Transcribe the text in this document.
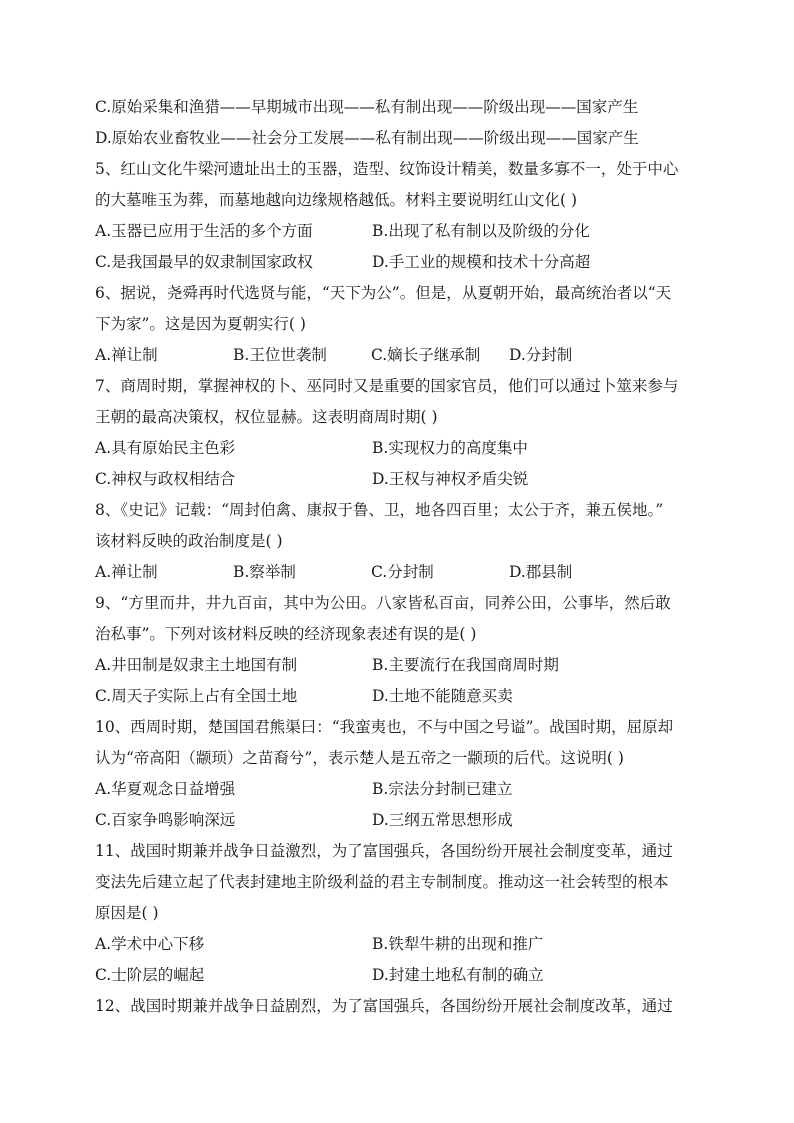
C.原始采集和渔猎——早期城市出现——私有制出现——阶级出现——国家产生
D.原始农业畜牧业——社会分工发展——私有制出现——阶级出现——国家产生
5、红山文化牛梁河遗址出土的玉器，造型、纹饰设计精美，数量多寡不一，处于中心
的大墓唯玉为葬，而墓地越向边缘规格越低。材料主要说明红山文化( )
A.玉器已应用于生活的多个方面	B.出现了私有制以及阶级的分化
C.是我国最早的奴隶制国家政权	D.手工业的规模和技术十分高超
6、据说，尧舜再时代选贤与能，“天下为公”。但是，从夏朝开始，最高统治者以“天
下为家”。这是因为夏朝实行( )
A.禅让制	B.王位世袭制	C.嫡长子继承制	D.分封制
7、商周时期，掌握神权的卜、巫同时又是重要的国家官员，他们可以通过卜筮来参与
王朝的最高决策权，权位显赫。这表明商周时期( )
A.具有原始民主色彩	B.实现权力的高度集中
C.神权与政权相结合	D.王权与神权矛盾尖锐
8、《史记》记载：“周封伯禽、康叔于鲁、卫，地各四百里；太公于齐，兼五侯地。”
该材料反映的政治制度是( )
A.禅让制	B.察举制	C.分封制	D.郡县制
9、“方里而井，井九百亩，其中为公田。八家皆私百亩，同养公田，公事毕，然后敢
治私事”。下列对该材料反映的经济现象表述有误的是( )
A.井田制是奴隶主土地国有制	B.主要流行在我国商周时期
C.周天子实际上占有全国土地	D.土地不能随意买卖
10、西周时期，楚国国君熊渠曰：“我蛮夷也，不与中国之号谥”。战国时期，屈原却
认为“帝高阳（颛顼）之苗裔兮”，表示楚人是五帝之一颛顼的后代。这说明( )
A.华夏观念日益增强	B.宗法分封制已建立
C.百家争鸣影响深远	D.三纲五常思想形成
11、战国时期兼并战争日益激烈，为了富国强兵，各国纷纷开展社会制度变革，通过
变法先后建立起了代表封建地主阶级利益的君主专制制度。推动这一社会转型的根本
原因是( )
A.学术中心下移	B.铁犁牛耕的出现和推广
C.士阶层的崛起	D.封建土地私有制的确立
12、战国时期兼并战争日益剧烈，为了富国强兵，各国纷纷开展社会制度改革，通过
